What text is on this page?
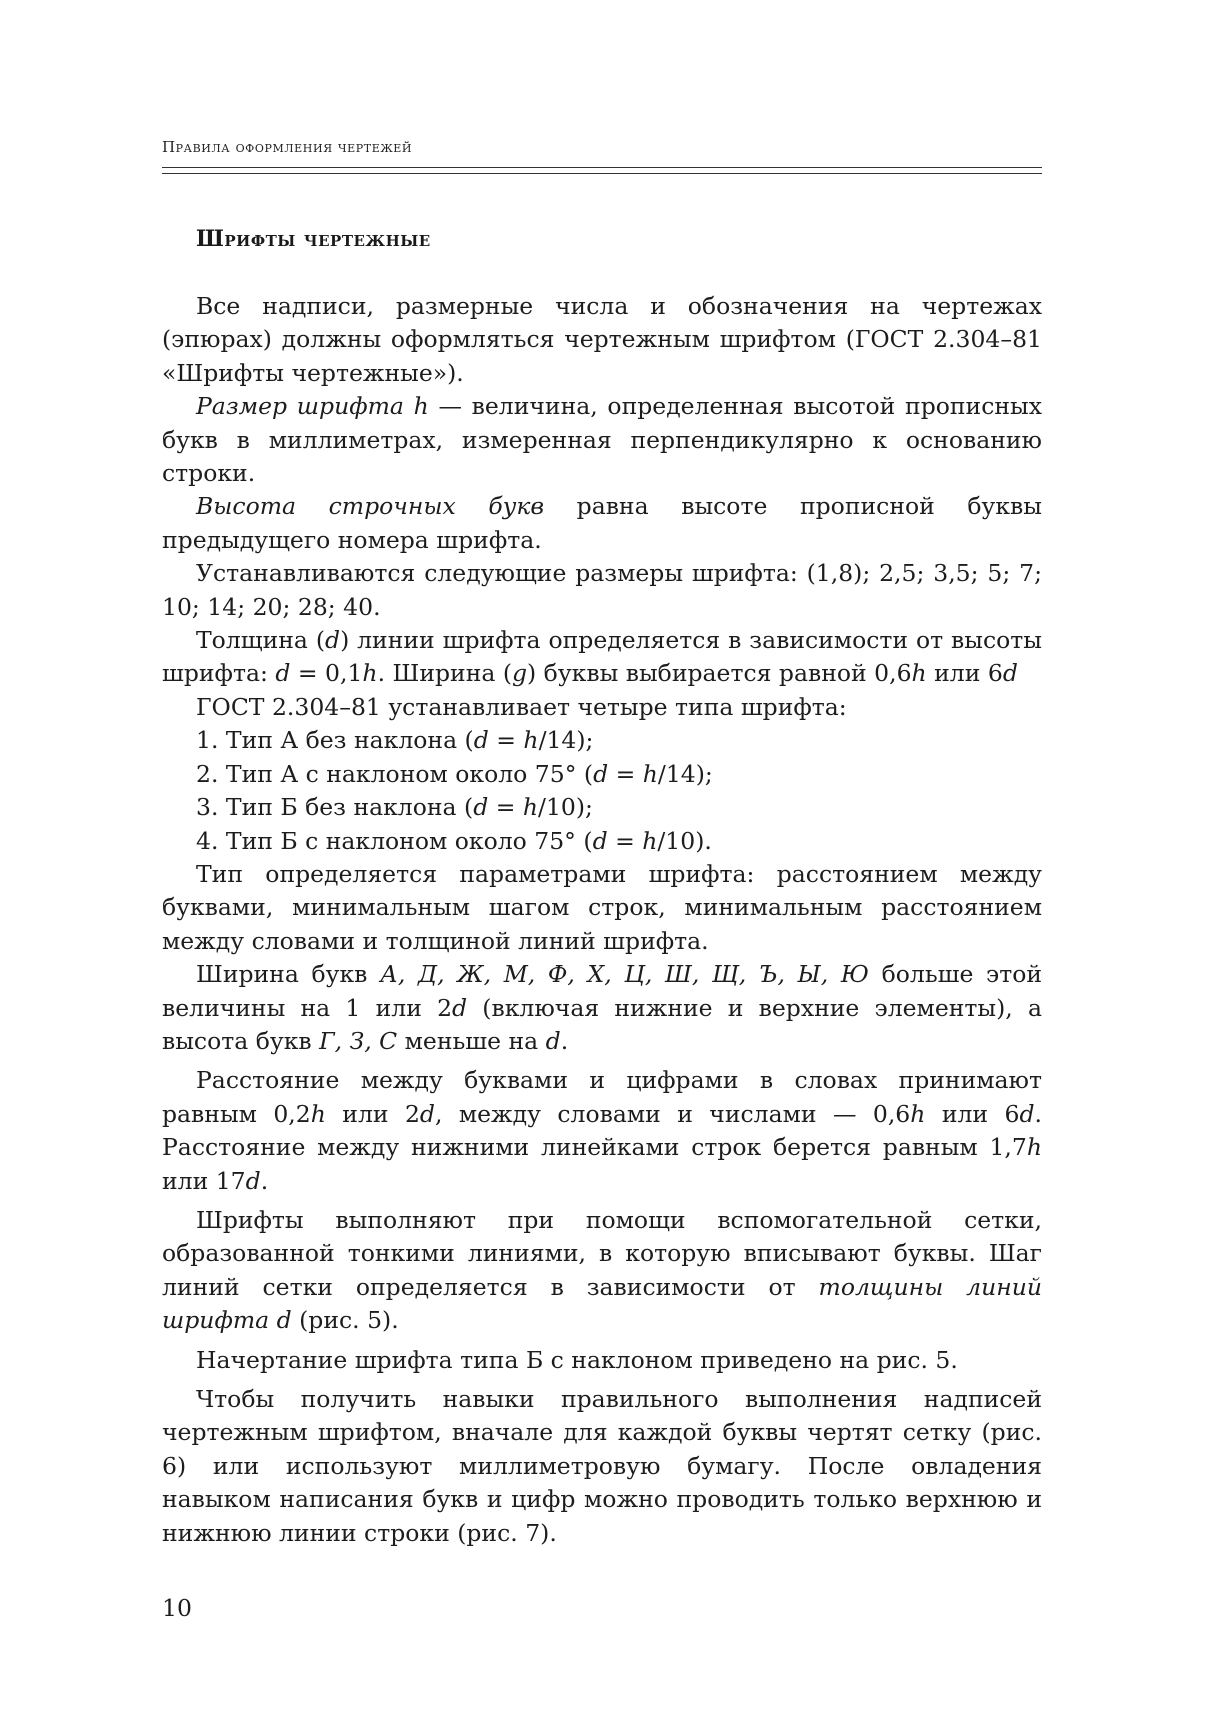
Правила оформления чертежей
Шрифты чертежные

Все надписи, размерные числа и обозначения на чертежах (эпюрах) должны оформляться чертежным шрифтом (ГОСТ 2.304–81 «Шрифты чертежные»).

Размер шрифта h — величина, определенная высотой прописных букв в миллиметрах, измеренная перпендикулярно к основанию строки.

Высота строчных букв равна высоте прописной буквы предыдущего номера шрифта.

Устанавливаются следующие размеры шрифта: (1,8); 2,5; 3,5; 5; 7; 10; 14; 20; 28; 40.

Толщина (d) линии шрифта определяется в зависимости от высоты шрифта: d = 0,1h. Ширина (g) буквы выбирается равной 0,6h или 6d

ГОСТ 2.304–81 устанавливает четыре типа шрифта:

1. Тип А без наклона (d = h/14);

2. Тип А с наклоном около 75° (d = h/14);

3. Тип Б без наклона (d = h/10);

4. Тип Б с наклоном около 75° (d = h/10).

Тип определяется параметрами шрифта: расстоянием между буквами, минимальным шагом строк, минимальным расстоянием между словами и толщиной линий шрифта.

Ширина букв А, Д, Ж, М, Ф, Х, Ц, Ш, Щ, Ъ, Ы, Ю больше этой величины на 1 или 2d (включая нижние и верхние элементы), а высота букв Г, З, С меньше на d.

Расстояние между буквами и цифрами в словах принимают равным 0,2h или 2d, между словами и числами — 0,6h или 6d. Расстояние между нижними линейками строк берется равным 1,7h или 17d.

Шрифты выполняют при помощи вспомогательной сетки, образованной тонкими линиями, в которую вписывают буквы. Шаг линий сетки определяется в зависимости от толщины линий шрифта d (рис. 5).

Начертание шрифта типа Б с наклоном приведено на рис. 5.

Чтобы получить навыки правильного выполнения надписей чертежным шрифтом, вначале для каждой буквы чертят сетку (рис. 6) или используют миллиметровую бумагу. После овладения навыком написания букв и цифр можно проводить только верхнюю и нижнюю линии строки (рис. 7).

10
